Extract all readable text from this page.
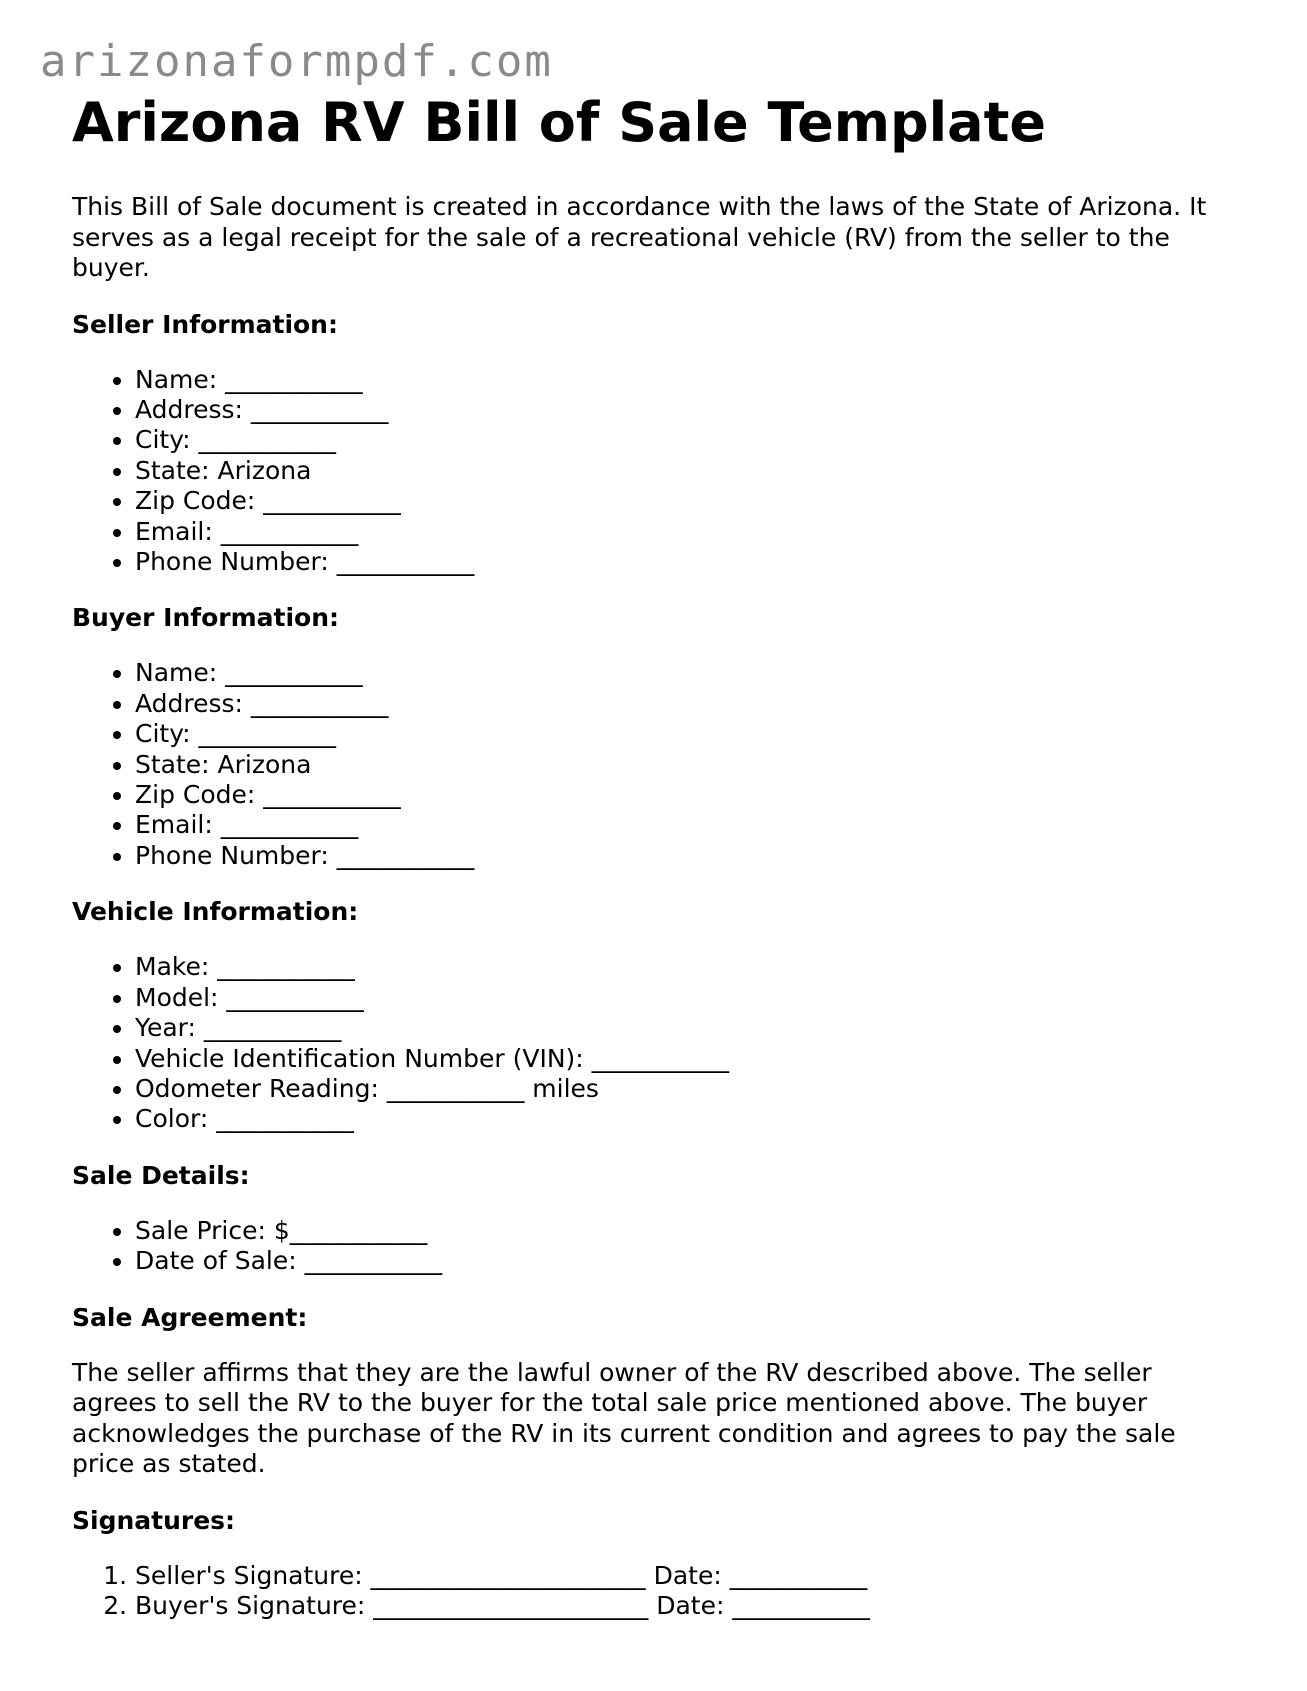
arizonaformpdf.com
Arizona RV Bill of Sale Template

This Bill of Sale document is created in accordance with the laws of the State of Arizona. It serves as a legal receipt for the sale of a recreational vehicle (RV) from the seller to the buyer.

Seller Information:
• Name: ___________
• Address: ___________
• City: ___________
• State: Arizona
• Zip Code: ___________
• Email: ___________
• Phone Number: ___________
Buyer Information:
• Name: ___________
• Address: ___________
• City: ___________
• State: Arizona
• Zip Code: ___________
• Email: ___________
• Phone Number: ___________
Vehicle Information:
• Make: ___________
• Model: ___________
• Year: ___________
• Vehicle Identification Number (VIN): ___________
• Odometer Reading: ___________ miles
• Color: ___________
Sale Details:
• Sale Price: $___________
• Date of Sale: ___________
Sale Agreement:

The seller affirms that they are the lawful owner of the RV described above. The seller agrees to sell the RV to the buyer for the total sale price mentioned above. The buyer acknowledges the purchase of the RV in its current condition and agrees to pay the sale price as stated.

Signatures:
1. Seller's Signature: ______________________ Date: ___________
2. Buyer's Signature: ______________________ Date: ___________
